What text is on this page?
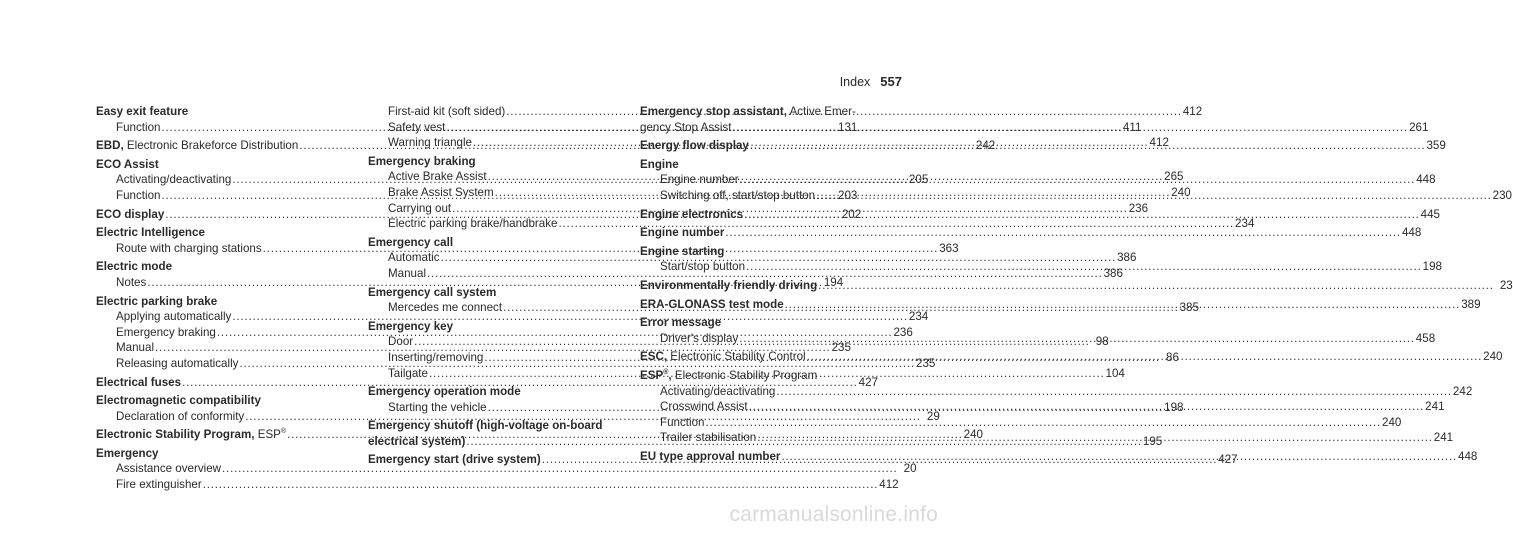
Index 557
Easy exit feature
Function .....	131
EBD, Electronic Brakeforce Distribution .....	242
ECO Assist
Activating/deactivating .....	205
Function .....	203
ECO display .....	202
Electric Intelligence
Route with charging stations .....	363
Electric mode
Notes .....	194
Electric parking brake
Applying automatically .....	234
Emergency braking .....	236
Manual .....	235
Releasing automatically .....	235
Electrical fuses .....	427
Electromagnetic compatibility
Declaration of conformity .....	29
Electronic Stability Program, ESP® .....	240
Emergency
Assistance overview .....	20
Fire extinguisher .....	412
First-aid kit (soft sided) .....	412
Safety vest .....	411
Warning triangle .....	412
Emergency braking
Active Brake Assist .....	265
Brake Assist System .....	240
Carrying out .....	236
Electric parking brake/handbrake .....	234
Emergency call
Automatic .....	386
Manual .....	386
Emergency call system
Mercedes me connect .....	385
Emergency key
Door .....	98
Inserting/removing .....	86
Tailgate .....	104
Emergency operation mode
Starting the vehicle .....	198
Emergency shutoff (high-voltage on-board
electrical system) .....	195
Emergency start (drive system) .....	427
Emergency stop assistant, Active Emer-
gency Stop Assist .....	261
Energy flow display .....	359
Engine
Engine number .....	448
Switching off, start/stop button .....	230
Engine electronics .....	445
Engine number .....	448
Engine starting
Start/stop button .....	198
Environmentally friendly driving .....	23
ERA-GLONASS test mode .....	389
Error message
Driver's display .....	458
ESC, Electronic Stability Control .....	240
ESP®, Electronic Stability Program
Activating/deactivating .....	242
Crosswind Assist .....	241
Function .....	240
Trailer stabilisation .....	241
EU type approval number .....	448
carmanualsonline.info
